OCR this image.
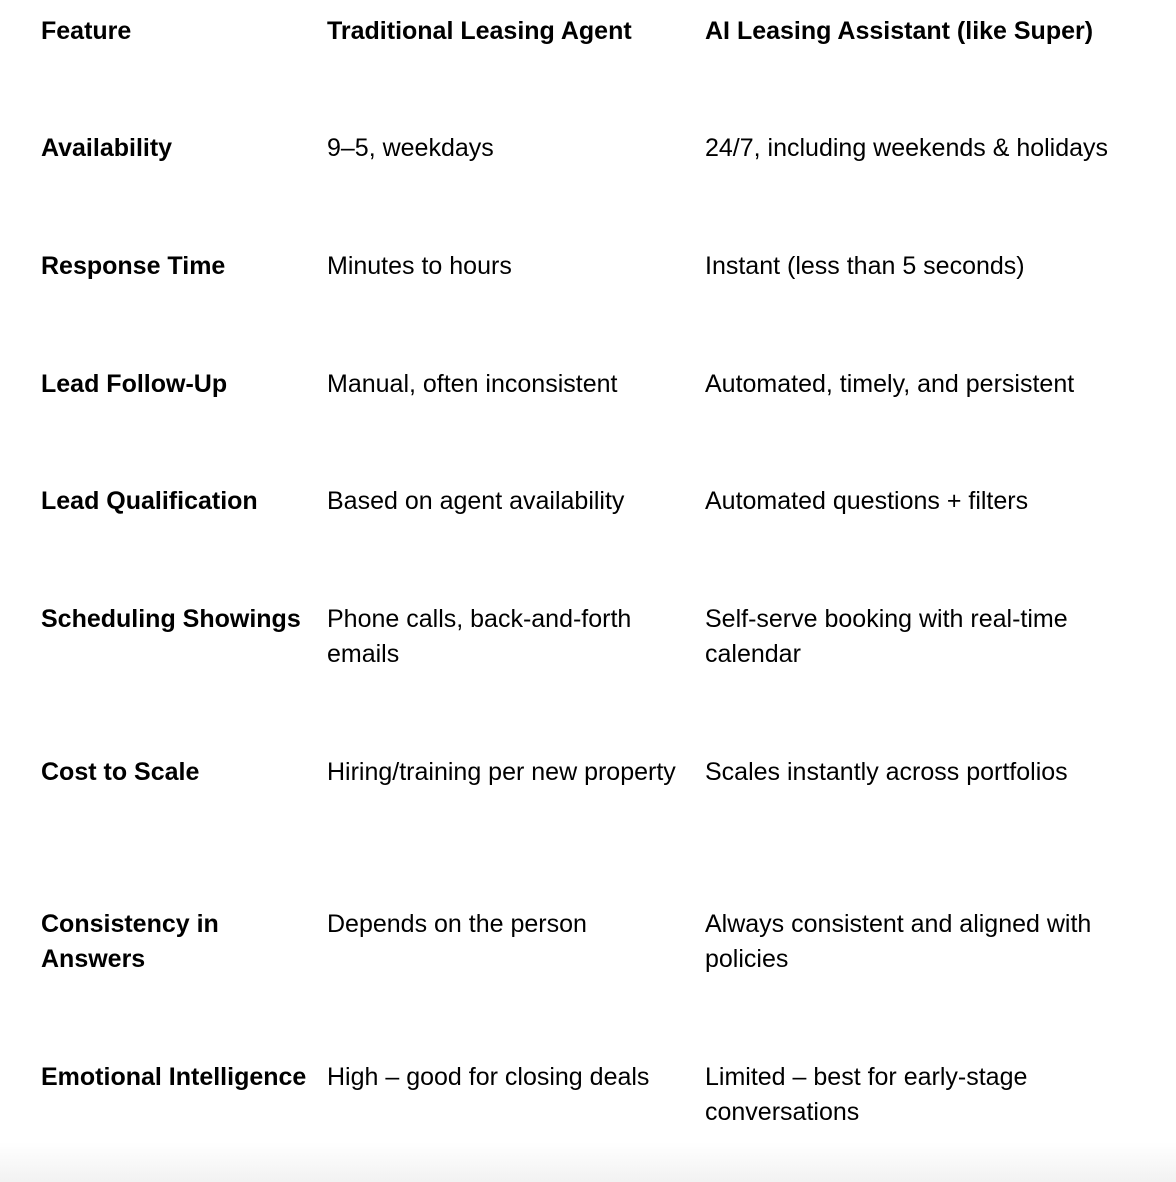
Feature	Traditional Leasing Agent	AI Leasing Assistant (like Super)

Availability	9–5, weekdays	24/7, including weekends & holidays

Response Time	Minutes to hours	Instant (less than 5 seconds)

Lead Follow-Up	Manual, often inconsistent	Automated, timely, and persistent

Lead Qualification	Based on agent availability	Automated questions + filters

Scheduling Showings	Phone calls, back-and-forth emails	Self-serve booking with real-time calendar

Cost to Scale	Hiring/training per new property	Scales instantly across portfolios

Consistency in Answers	Depends on the person	Always consistent and aligned with policies

Emotional Intelligence	High – good for closing deals	Limited – best for early-stage conversations
